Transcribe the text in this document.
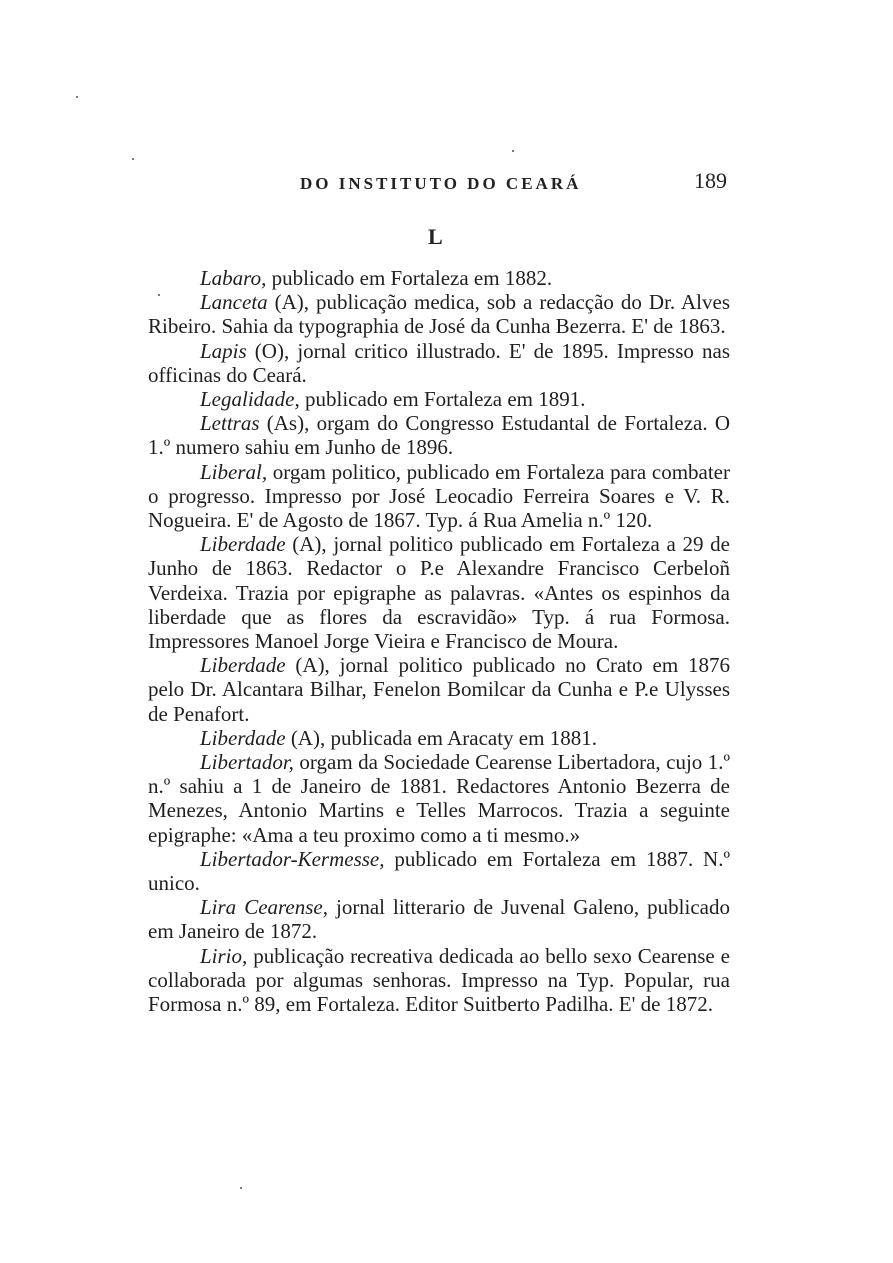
DO INSTITUTO DO CEARÁ	189
L

Labaro, publicado em Fortaleza em 1882.

Lanceta (A), publicação medica, sob a redacção do Dr. Alves Ribeiro. Sahia da typographia de José da Cunha Bezerra. E' de 1863.

Lapis (O), jornal critico illustrado. E' de 1895. Impresso nas officinas do Ceará.

Legalidade, publicado em Fortaleza em 1891.

Lettras (As), orgam do Congresso Estudantal de Fortaleza. O 1.º numero sahiu em Junho de 1896.

Liberal, orgam politico, publicado em Fortaleza para combater o progresso. Impresso por José Leocadio Ferreira Soares e V. R. Nogueira. E' de Agosto de 1867. Typ. á Rua Amelia n.º 120.

Liberdade (A), jornal politico publicado em Fortaleza a 29 de Junho de 1863. Redactor o P.e Alexandre Francisco Cerbeloñ Verdeixa. Trazia por epigraphe as palavras. «Antes os espinhos da liberdade que as flores da escravidão» Typ. á rua Formosa. Impressores Manoel Jorge Vieira e Francisco de Moura.

Liberdade (A), jornal politico publicado no Crato em 1876 pelo Dr. Alcantara Bilhar, Fenelon Bomilcar da Cunha e P.e Ulysses de Penafort.

Liberdade (A), publicada em Aracaty em 1881.

Libertador, orgam da Sociedade Cearense Libertadora, cujo 1.º n.º sahiu a 1 de Janeiro de 1881. Redactores Antonio Bezerra de Menezes, Antonio Martins e Telles Marrocos. Trazia a seguinte epigraphe: «Ama a teu proximo como a ti mesmo.»

Libertador-Kermesse, publicado em Fortaleza em 1887. N.º unico.

Lira Cearense, jornal litterario de Juvenal Galeno, publicado em Janeiro de 1872.

Lirio, publicação recreativa dedicada ao bello sexo Cearense e collaborada por algumas senhoras. Impresso na Typ. Popular, rua Formosa n.º 89, em Fortaleza. Editor Suitberto Padilha. E' de 1872.
